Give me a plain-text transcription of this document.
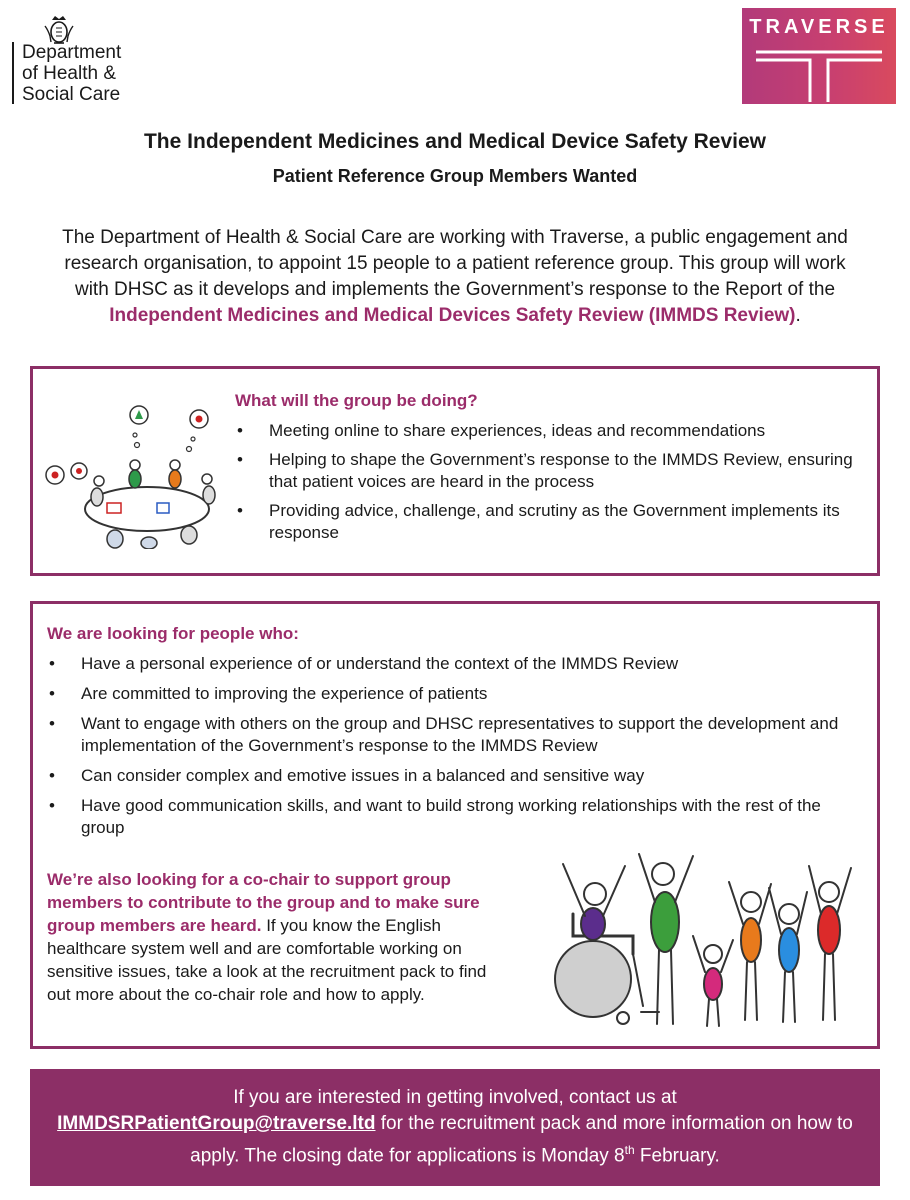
Department
of Health &
Social Care
TRAVERSE
The Independent Medicines and Medical Device Safety Review
Patient Reference Group Members Wanted

The Department of Health & Social Care are working with Traverse, a public engagement and research organisation, to appoint 15 people to a patient reference group. This group will work with DHSC as it develops and implements the Government’s response to the Report of the Independent Medicines and Medical Devices Safety Review (IMMDS Review).

What will the group be doing?
• Meeting online to share experiences, ideas and recommendations
• Helping to shape the Government’s response to the IMMDS Review, ensuring that patient voices are heard in the process
• Providing advice, challenge, and scrutiny as the Government implements its response
We are looking for people who:
• Have a personal experience of or understand the context of the IMMDS Review
• Are committed to improving the experience of patients
• Want to engage with others on the group and DHSC representatives to support the development and implementation of the Government’s response to the IMMDS Review
• Can consider complex and emotive issues in a balanced and sensitive way
• Have good communication skills, and want to build strong working relationships with the rest of the group

We’re also looking for a co-chair to support group members to contribute to the group and to make sure group members are heard. If you know the English healthcare system well and are comfortable working on sensitive issues, take a look at the recruitment pack to find out more about the co-chair role and how to apply.

If you are interested in getting involved, contact us at
IMMDSRPatientGroup@traverse.ltd for the recruitment pack and more information on how to apply. The closing date for applications is Monday 8th February.
